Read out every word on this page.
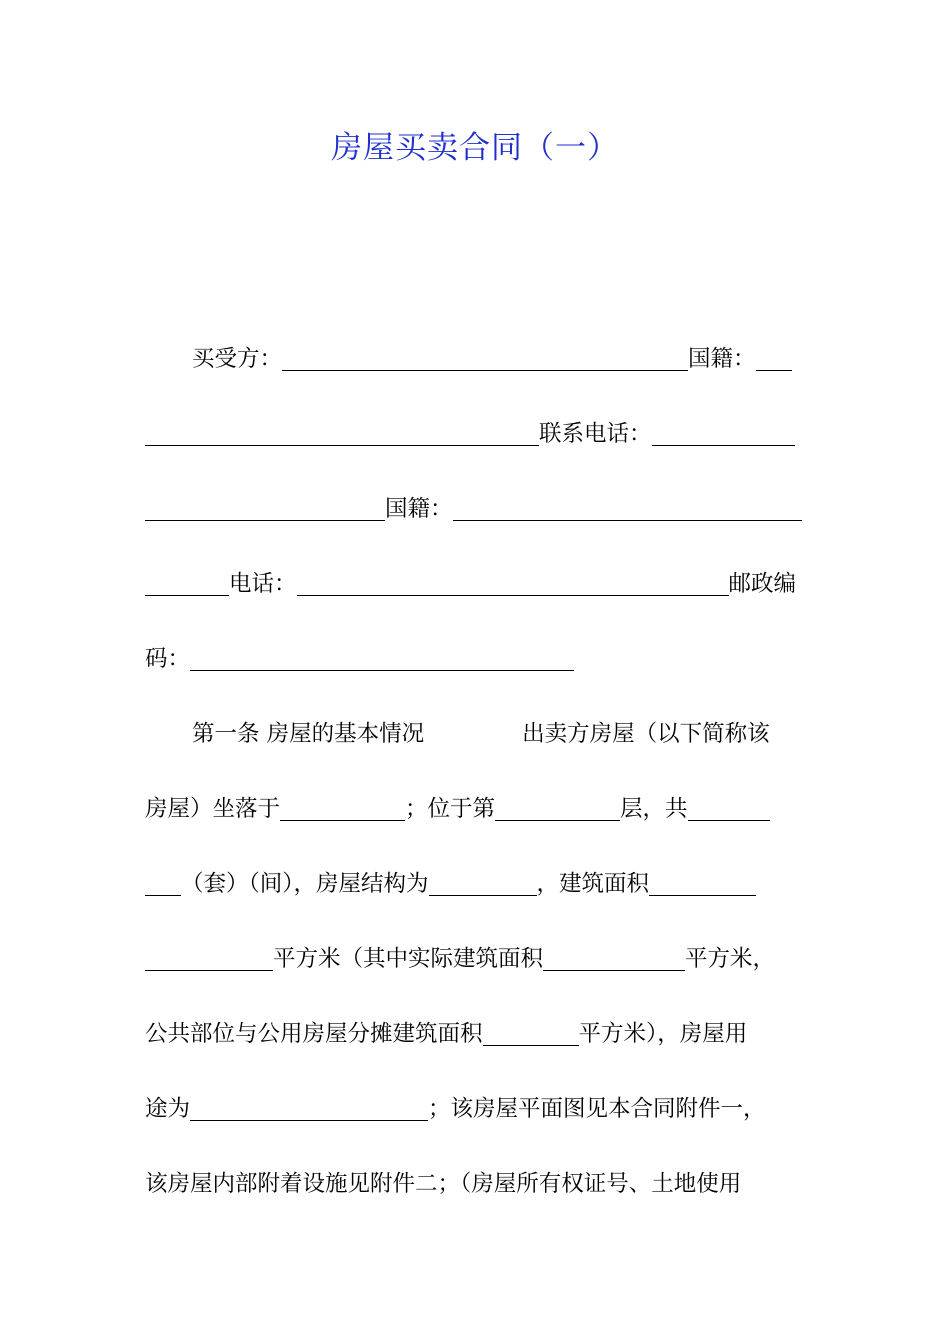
房屋买卖合同（一）
买受方：	国籍：
联系电话：
国籍：
电话：	邮政编
码：
第一条 房屋的基本情况	出卖方房屋（以下简称该
房屋）坐落于	；位于第	层，共
（套）（间），房屋结构为	，建筑面积
平方米（其中实际建筑面积	平方米，
公共部位与公用房屋分摊建筑面积	平方米），房屋用
途为	；该房屋平面图见本合同附件一，
该房屋内部附着设施见附件二；（房屋所有权证号、土地使用
